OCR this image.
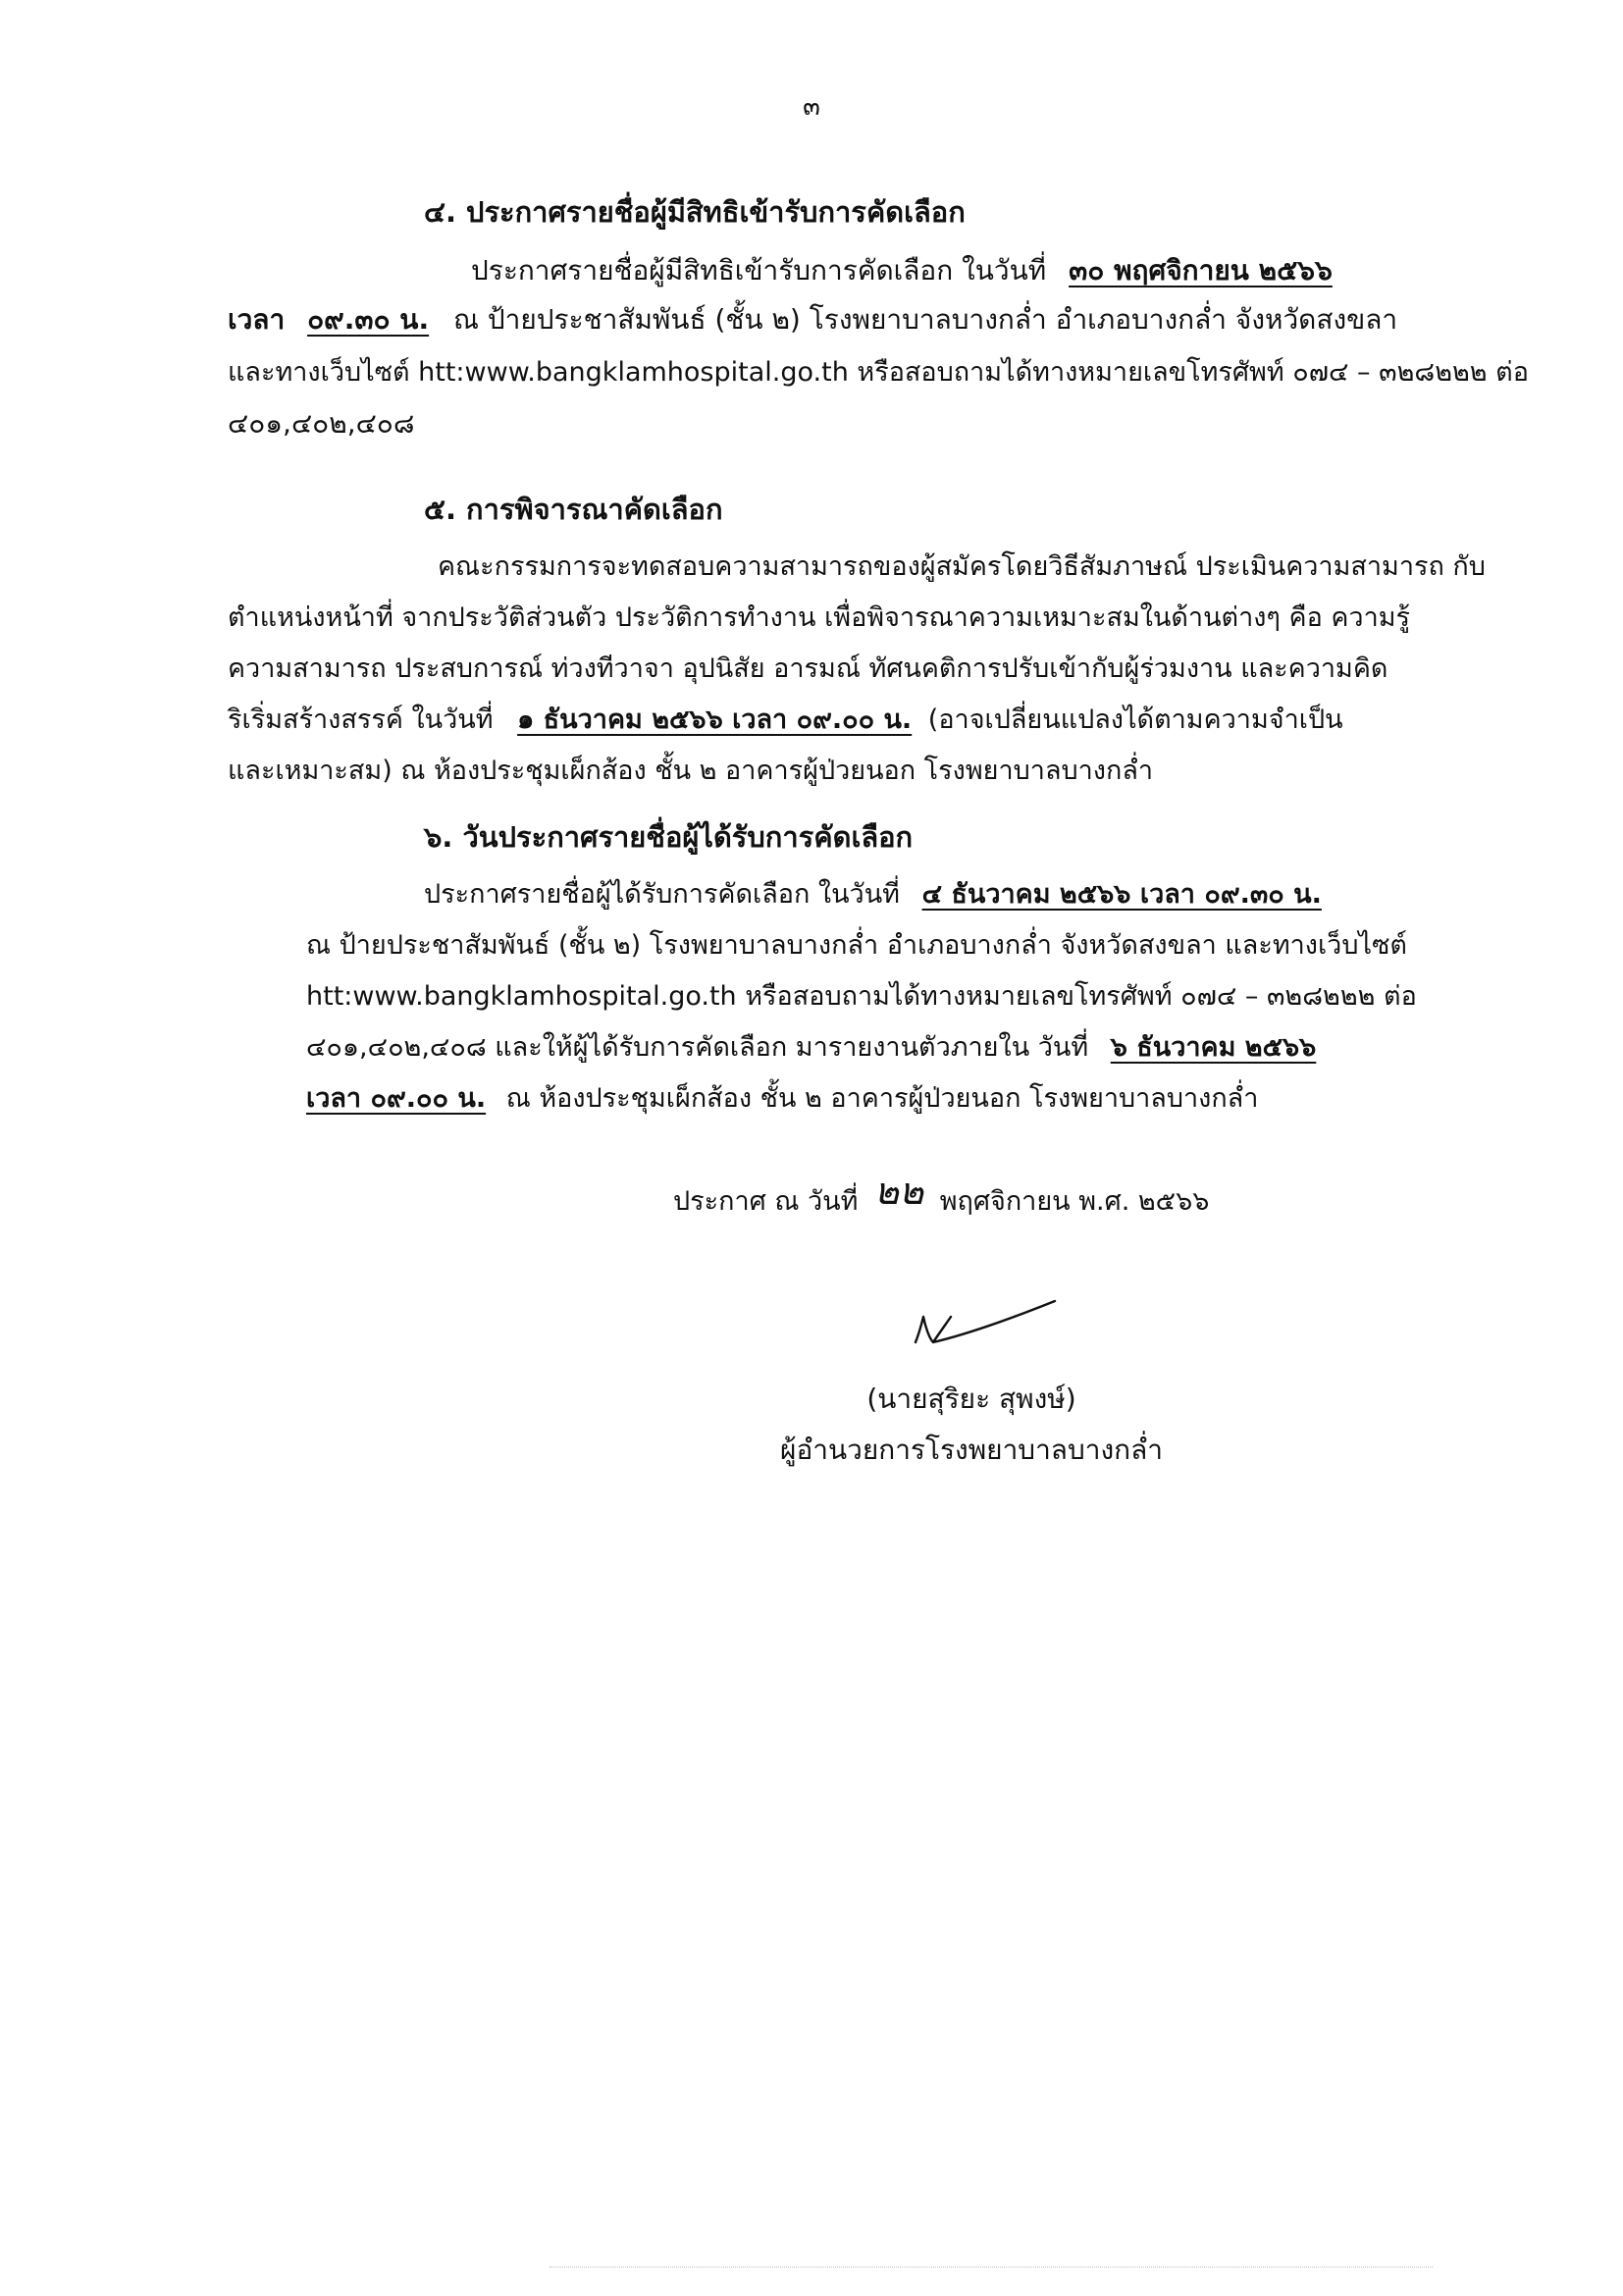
๓
๔. ประกาศรายชื่อผู้มีสิทธิเข้ารับการคัดเลือก
ประกาศรายชื่อผู้มีสิทธิเข้ารับการคัดเลือก ในวันที่ ๓๐ พฤศจิกายน ๒๕๖๖
เวลา ๐๙.๓๐ น. ณ ป้ายประชาสัมพันธ์ (ชั้น ๒) โรงพยาบาลบางกล่ำ อำเภอบางกล่ำ จังหวัดสงขลา
และทางเว็บไซต์ htt:www.bangklamhospital.go.th หรือสอบถามได้ทางหมายเลขโทรศัพท์ ๐๗๔ – ๓๒๘๒๒๒ ต่อ
๔๐๑,๔๐๒,๔๐๘
๕. การพิจารณาคัดเลือก
คณะกรรมการจะทดสอบความสามารถของผู้สมัครโดยวิธีสัมภาษณ์ ประเมินความสามารถ กับ
ตำแหน่งหน้าที่ จากประวัติส่วนตัว ประวัติการทำงาน เพื่อพิจารณาความเหมาะสมในด้านต่างๆ คือ ความรู้
ความสามารถ ประสบการณ์ ท่วงทีวาจา อุปนิสัย อารมณ์ ทัศนคติการปรับเข้ากับผู้ร่วมงาน และความคิด
ริเริ่มสร้างสรรค์ ในวันที่ ๑ ธันวาคม ๒๕๖๖ เวลา ๐๙.๐๐ น. (อาจเปลี่ยนแปลงได้ตามความจำเป็น
และเหมาะสม) ณ ห้องประชุมเผ็กส้อง ชั้น ๒ อาคารผู้ป่วยนอก โรงพยาบาลบางกล่ำ
๖. วันประกาศรายชื่อผู้ได้รับการคัดเลือก
ประกาศรายชื่อผู้ได้รับการคัดเลือก ในวันที่ ๔ ธันวาคม ๒๕๖๖ เวลา ๐๙.๓๐ น.
ณ ป้ายประชาสัมพันธ์ (ชั้น ๒) โรงพยาบาลบางกล่ำ อำเภอบางกล่ำ จังหวัดสงขลา และทางเว็บไซต์
htt:www.bangklamhospital.go.th หรือสอบถามได้ทางหมายเลขโทรศัพท์ ๐๗๔ – ๓๒๘๒๒๒ ต่อ
๔๐๑,๔๐๒,๔๐๘ และให้ผู้ได้รับการคัดเลือก มารายงานตัวภายใน วันที่ ๖ ธันวาคม ๒๕๖๖
เวลา ๐๙.๐๐ น. ณ ห้องประชุมเผ็กส้อง ชั้น ๒ อาคารผู้ป่วยนอก โรงพยาบาลบางกล่ำ
ประกาศ ณ วันที่ ๒๒ พฤศจิกายน พ.ศ. ๒๕๖๖
(นายสุริยะ สุพงษ์)
ผู้อำนวยการโรงพยาบาลบางกล่ำ
